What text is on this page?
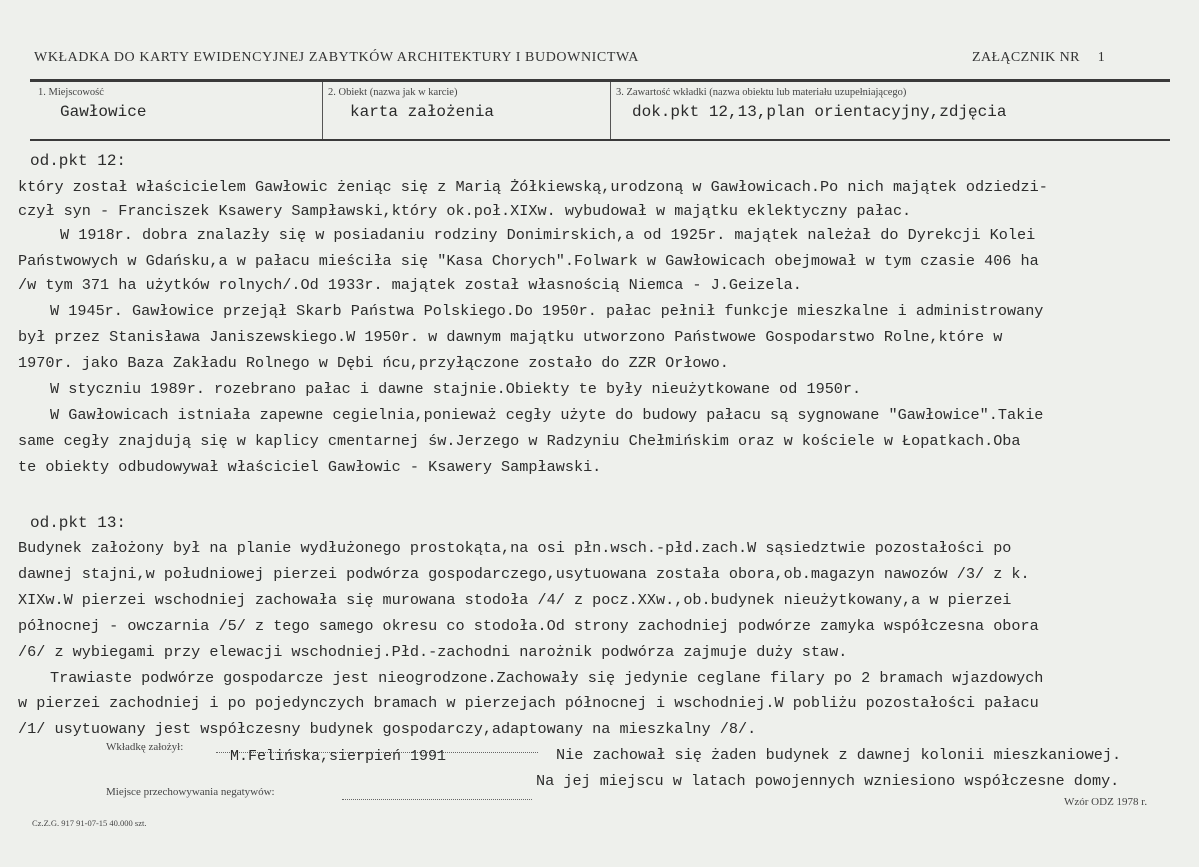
WKŁADKA DO KARTY EWIDENCYJNEJ ZABYTKÓW ARCHITEKTURY I BUDOWNICTWA	ZAŁĄCZNIK NR 1
1. Miejscowość
Gawłowice
2. Obiekt (nazwa jak w karcie)
karta założenia
3. Zawartość wkładki (nazwa obiektu lub materiału uzupełniającego)
dok.pkt 12,13,plan orientacyjny,zdjęcia
od.pkt 12:
który został właścicielem Gawłowic żeniąc się z Marią Żółkiewską,urodzoną w Gawłowicach.Po nich majątek odziedzi-
czył syn - Franciszek Ksawery Sampławski,który ok.poł.XIXw. wybudował w majątku eklektyczny pałac.
W 1918r. dobra znalazły się w posiadaniu rodziny Donimirskich,a od 1925r. majątek należał do Dyrekcji Kolei
Państwowych w Gdańsku,a w pałacu mieściła się "Kasa Chorych".Folwark w Gawłowicach obejmował w tym czasie 406 ha
/w tym 371 ha użytków rolnych/.Od 1933r. majątek został własnością Niemca - J.Geizela.
W 1945r. Gawłowice przejął Skarb Państwa Polskiego.Do 1950r. pałac pełnił funkcje mieszkalne i administrowany
był przez Stanisława Janiszewskiego.W 1950r. w dawnym majątku utworzono Państwowe Gospodarstwo Rolne,które w
1970r. jako Baza Zakładu Rolnego w Dębi ńcu,przyłączone zostało do ZZR Orłowo.
W styczniu 1989r. rozebrano pałac i dawne stajnie.Obiekty te były nieużytkowane od 1950r.
W Gawłowicach istniała zapewne cegielnia,ponieważ cegły użyte do budowy pałacu są sygnowane "Gawłowice".Takie
same cegły znajdują się w kaplicy cmentarnej św.Jerzego w Radzyniu Chełmińskim oraz w kościele w Łopatkach.Oba
te obiekty odbudowywał właściciel Gawłowic - Ksawery Sampławski.
od.pkt 13:
Budynek założony był na planie wydłużonego prostokąta,na osi płn.wsch.-płd.zach.W sąsiedztwie pozostałości po
dawnej stajni,w południowej pierzei podwórza gospodarczego,usytuowana została obora,ob.magazyn nawozów /3/ z k.
XIXw.W pierzei wschodniej zachowała się murowana stodoła /4/ z pocz.XXw.,ob.budynek nieużytkowany,a w pierzei
północnej - owczarnia /5/ z tego samego okresu co stodoła.Od strony zachodniej podwórze zamyka współczesna obora
/6/ z wybiegami przy elewacji wschodniej.Płd.-zachodni narożnik podwórza zajmuje duży staw.
Trawiaste podwórze gospodarcze jest nieogrodzone.Zachowały się jedynie ceglane filary po 2 bramach wjazdowych
w pierzei zachodniej i po pojedynczych bramach w pierzejach północnej i wschodniej.W pobliżu pozostałości pałacu
/1/ usytuowany jest współczesny budynek gospodarczy,adaptowany na mieszkalny /8/.
Nie zachował się żaden budynek z dawnej kolonii mieszkaniowej.
Na jej miejscu w latach powojennych wzniesiono współczesne domy.
Wkładkę założył:
M.Felińska,sierpień 1991
Miejsce przechowywania negatywów:
Wzór ODZ 1978 r.
Cz.Z.G. 917 91-07-15 40.000 szt.
